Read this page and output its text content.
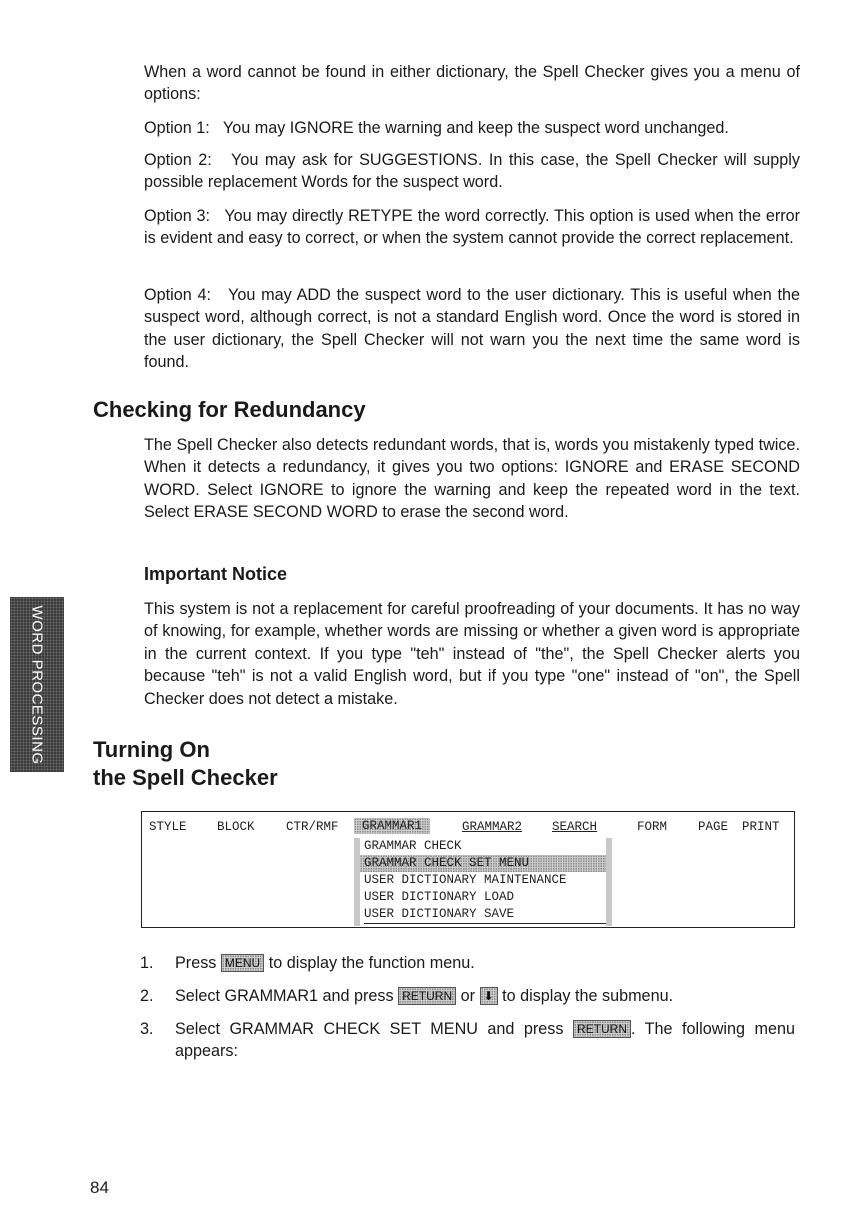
When a word cannot be found in either dictionary, the Spell Checker gives you a menu of options:

Option 1: You may IGNORE the warning and keep the suspect word unchanged.

Option 2: You may ask for SUGGESTIONS. In this case, the Spell Checker will supply possible replacement Words for the suspect word.

Option 3: You may directly RETYPE the word correctly. This option is used when the error is evident and easy to correct, or when the system cannot provide the correct replacement.

Option 4: You may ADD the suspect word to the user dictionary. This is useful when the suspect word, although correct, is not a standard English word. Once the word is stored in the user dictionary, the Spell Checker will not warn you the next time the same word is found.

Checking for Redundancy

The Spell Checker also detects redundant words, that is, words you mistakenly typed twice. When it detects a redundancy, it gives you two options: IGNORE and ERASE SECOND WORD. Select IGNORE to ignore the warning and keep the repeated word in the text. Select ERASE SECOND WORD to erase the second word.

Important Notice

This system is not a replacement for careful proofreading of your documents. It has no way of knowing, for example, whether words are missing or whether a given word is appropriate in the current context. If you type "teh" instead of "the", the Spell Checker alerts you because "teh" is not a valid English word, but if you type "one" instead of "on", the Spell Checker does not detect a mistake.

WORD PROCESSING Turning On
the Spell Checker
STYLE BLOCK	CTR/RMF	GRAMMAR1	GRAMMAR2 SEARCH	FORM PAGE PRINT
GRAMMAR CHECK
GRAMMAR CHECK SET MENU
USER DICTIONARY MAINTENANCE
USER DICTIONARY LOAD
USER DICTIONARY SAVE
1. Press MENU to display the function menu.
2. Select GRAMMAR1 and press RETURN or ⬇ to display the submenu.
3. Select GRAMMAR CHECK SET MENU and press RETURN . The following menu appears:
84
